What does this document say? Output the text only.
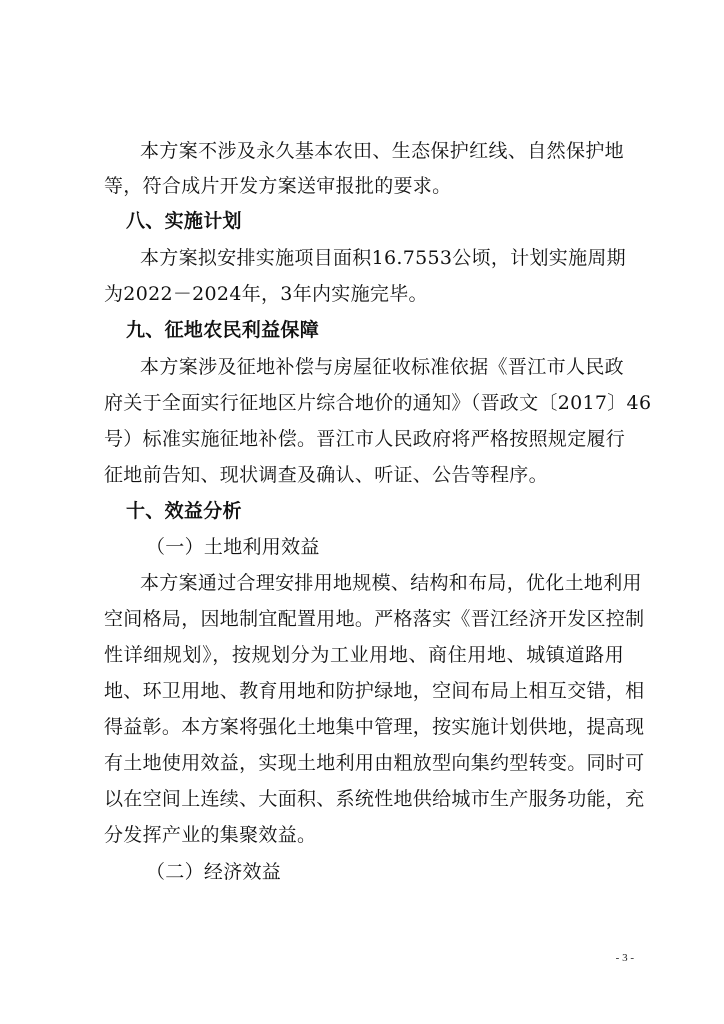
本方案不涉及永久基本农田、生态保护红线、自然保护地
等，符合成片开发方案送审报批的要求。
八、实施计划
本方案拟安排实施项目面积16.7553公顷，计划实施周期
为2022－2024年，3年内实施完毕。
九、征地农民利益保障
本方案涉及征地补偿与房屋征收标准依据《晋江市人民政
府关于全面实行征地区片综合地价的通知》（晋政文〔2017〕46
号）标准实施征地补偿。晋江市人民政府将严格按照规定履行
征地前告知、现状调查及确认、听证、公告等程序。
十、效益分析
（一）土地利用效益
本方案通过合理安排用地规模、结构和布局，优化土地利用
空间格局，因地制宜配置用地。严格落实《晋江经济开发区控制
性详细规划》，按规划分为工业用地、商住用地、城镇道路用
地、环卫用地、教育用地和防护绿地，空间布局上相互交错，相
得益彰。本方案将强化土地集中管理，按实施计划供地，提高现
有土地使用效益，实现土地利用由粗放型向集约型转变。同时可
以在空间上连续、大面积、系统性地供给城市生产服务功能，充
分发挥产业的集聚效益。
（二）经济效益
- 3 -
